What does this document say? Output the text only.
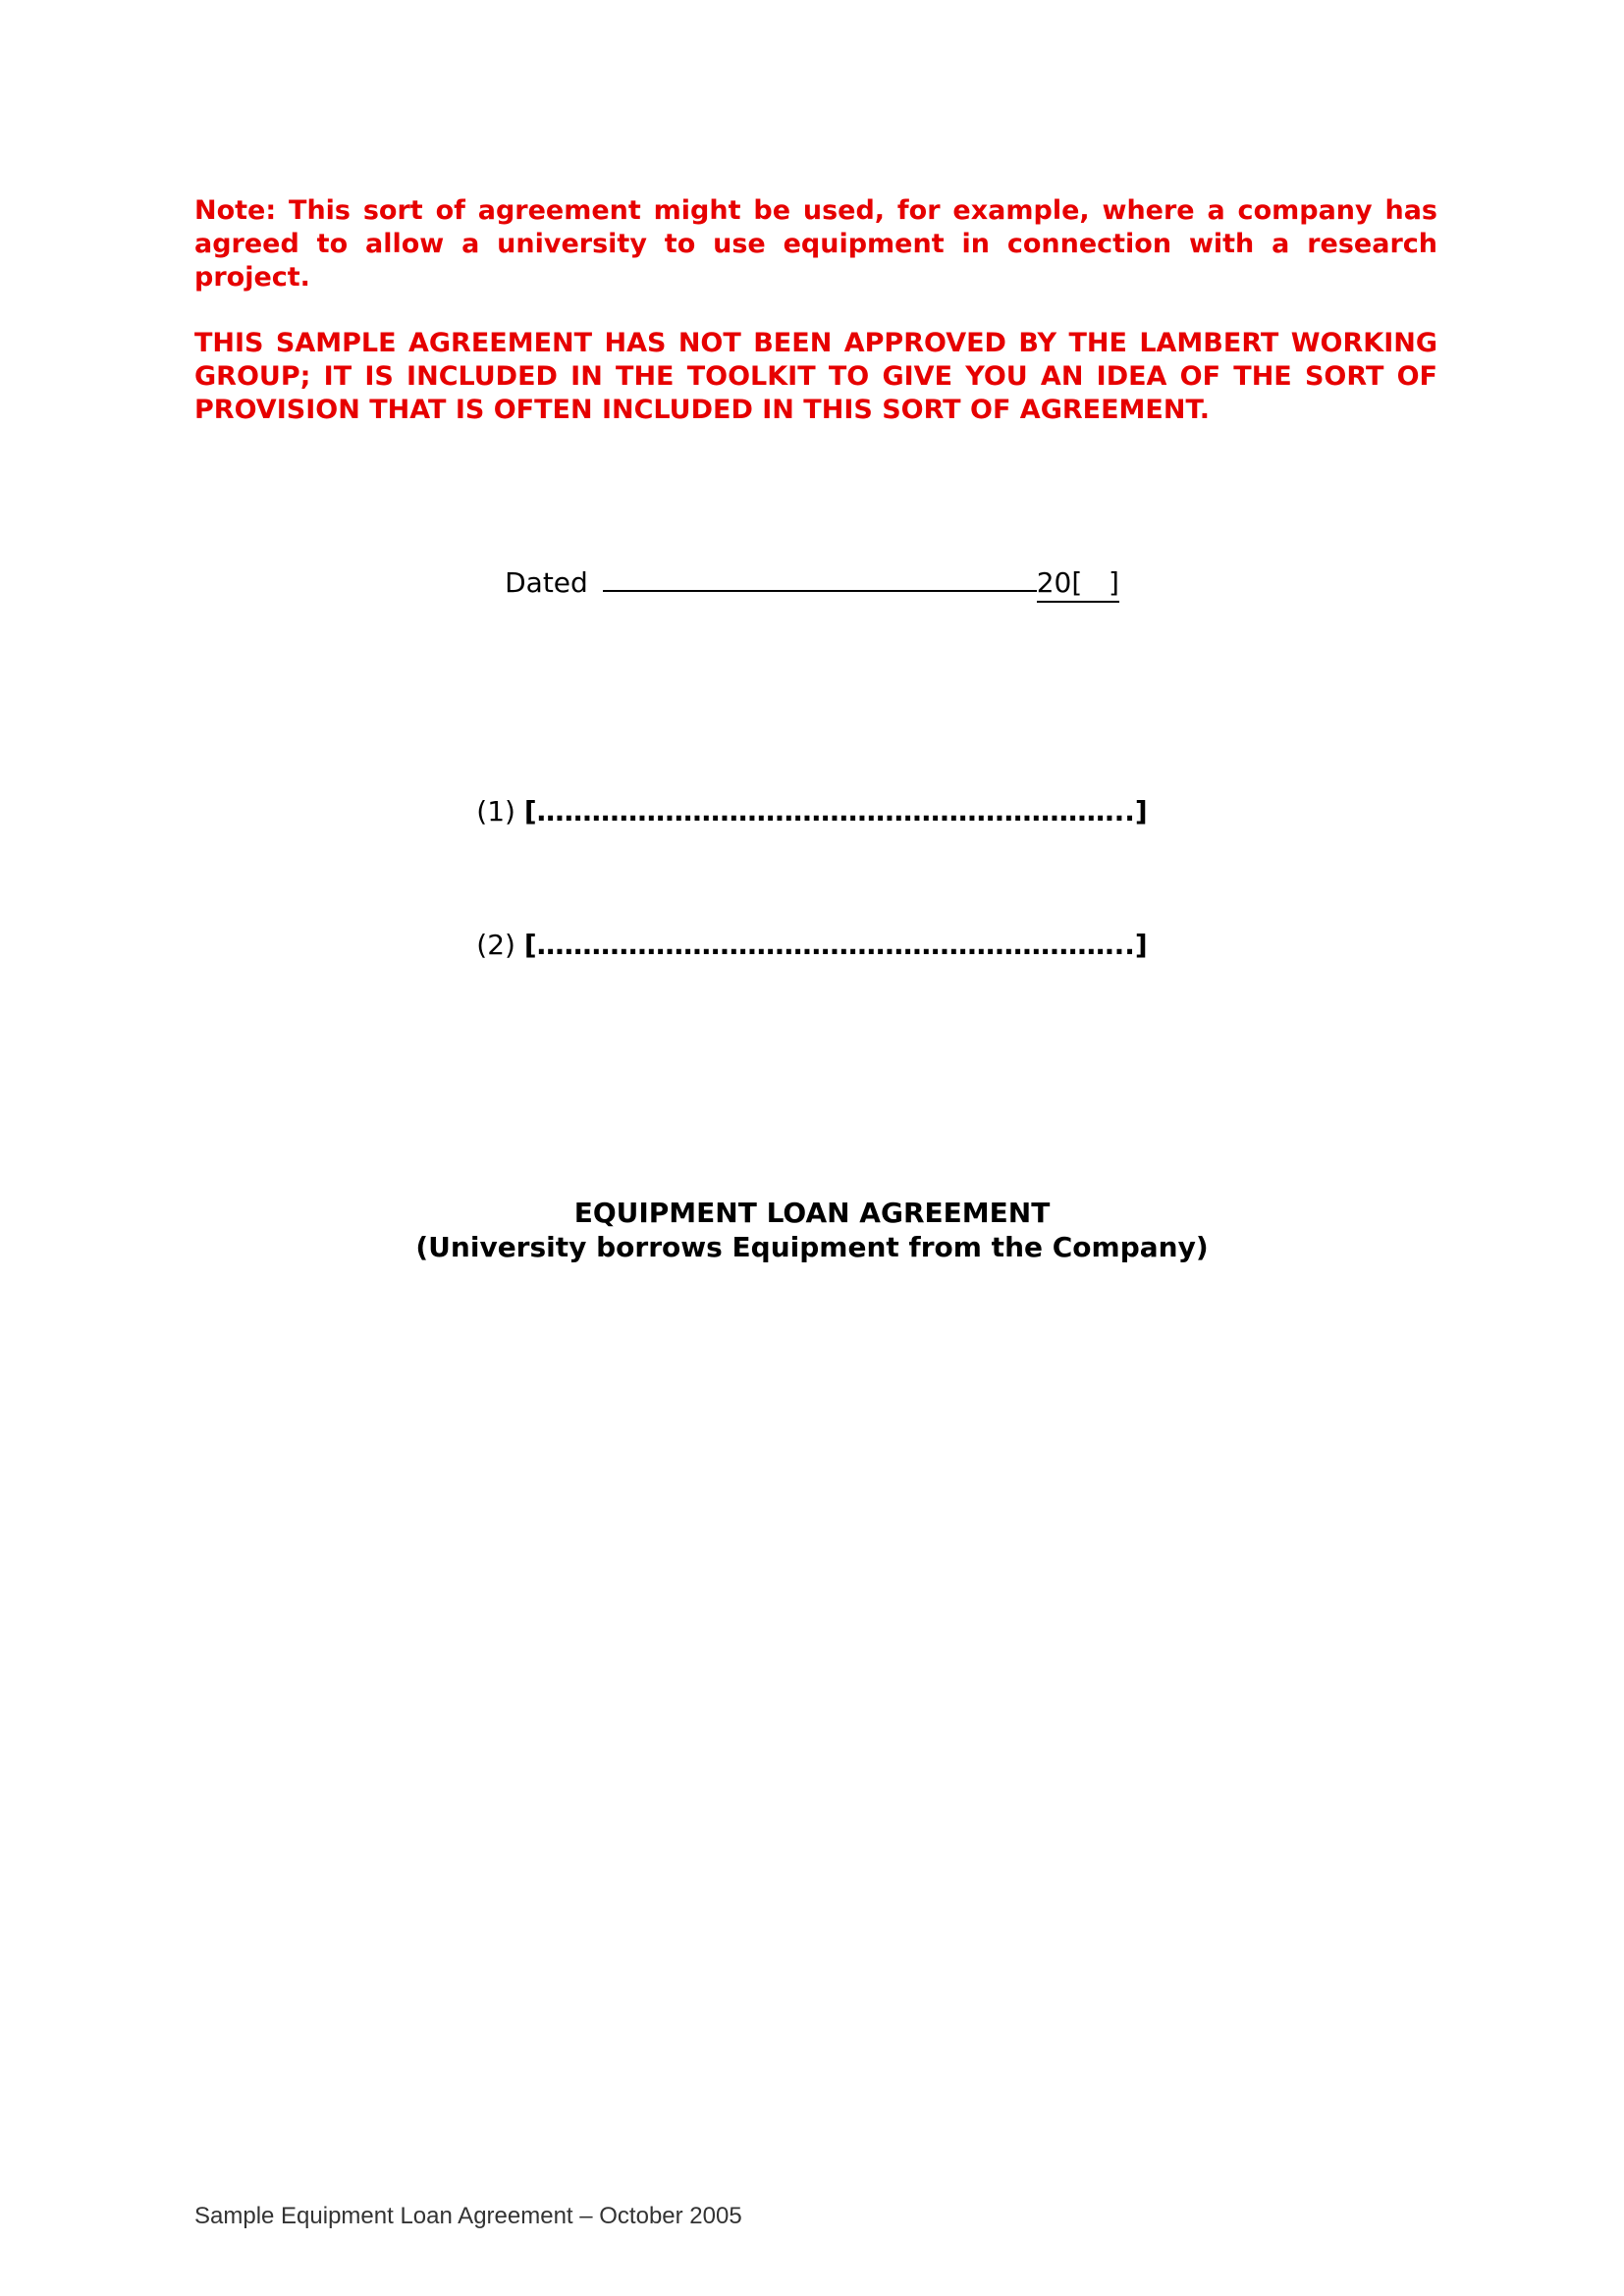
Note: This sort of agreement might be used, for example, where a company has agreed to allow a university to use equipment in connection with a research project.
THIS SAMPLE AGREEMENT HAS NOT BEEN APPROVED BY THE LAMBERT WORKING GROUP; IT IS INCLUDED IN THE TOOLKIT TO GIVE YOU AN IDEA OF THE SORT OF PROVISION THAT IS OFTEN INCLUDED IN THIS SORT OF AGREEMENT.
Dated	20[ ]
(1) [………………………………………………………..]
(2) [………………………………………………………..]
EQUIPMENT LOAN AGREEMENT
(University borrows Equipment from the Company)
Sample Equipment Loan Agreement – October 2005
